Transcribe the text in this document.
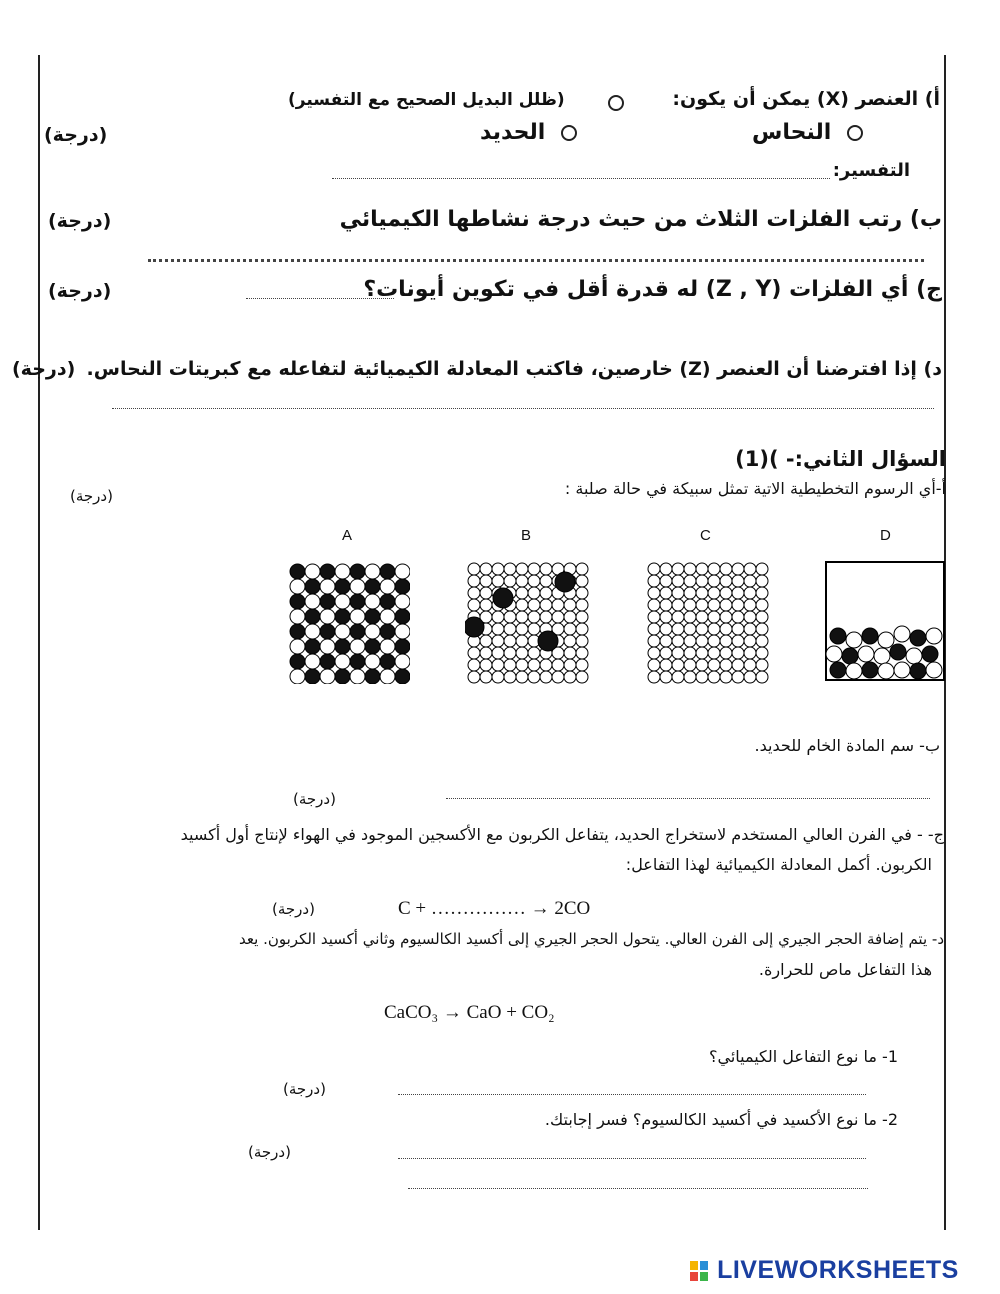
أ) العنصر (X) يمكن أن يكون:
(ظلل البديل الصحيح مع التفسير)
(درجة)	النحاس
الحديد
التفسير:
ب) رتب الفلزات الثلاث من حيث درجة نشاطها الكيميائي
(درجة)
ج) أي الفلزات (Z , Y) له قدرة أقل في تكوين أيونات؟
(درجة)
د) إذا افترضنا أن العنصر (Z) خارصين، فاكتب المعادلة الكيميائية لتفاعله مع كبريتات النحاس.
(درجة)
السؤال الثاني:- )(1)
أ-أي الرسوم التخطيطية الاتية تمثل سبيكة في حالة صلبة :
(درجة)
A	B	C	D
ب- سم المادة الخام للحديد.
(درجة)
ج- - في الفرن العالي المستخدم لاستخراج الحديد، يتفاعل الكربون مع الأكسجين الموجود في الهواء لإنتاج أول أكسيد
الكربون. أكمل المعادلة الكيميائية لهذا التفاعل:
C + …………… → 2CO
(درجة)
د- يتم إضافة الحجر الجيري إلى الفرن العالي. يتحول الحجر الجيري إلى أكسيد الكالسيوم وثاني أكسيد الكربون. يعد
هذا التفاعل ماص للحرارة.
CaCO₃ → CaO + CO₂
1- ما نوع التفاعل الكيميائي؟
(درجة)
2- ما نوع الأكسيد في أكسيد الكالسيوم؟ فسر إجابتك.
(درجة)
LIVEWORKSHEETS
